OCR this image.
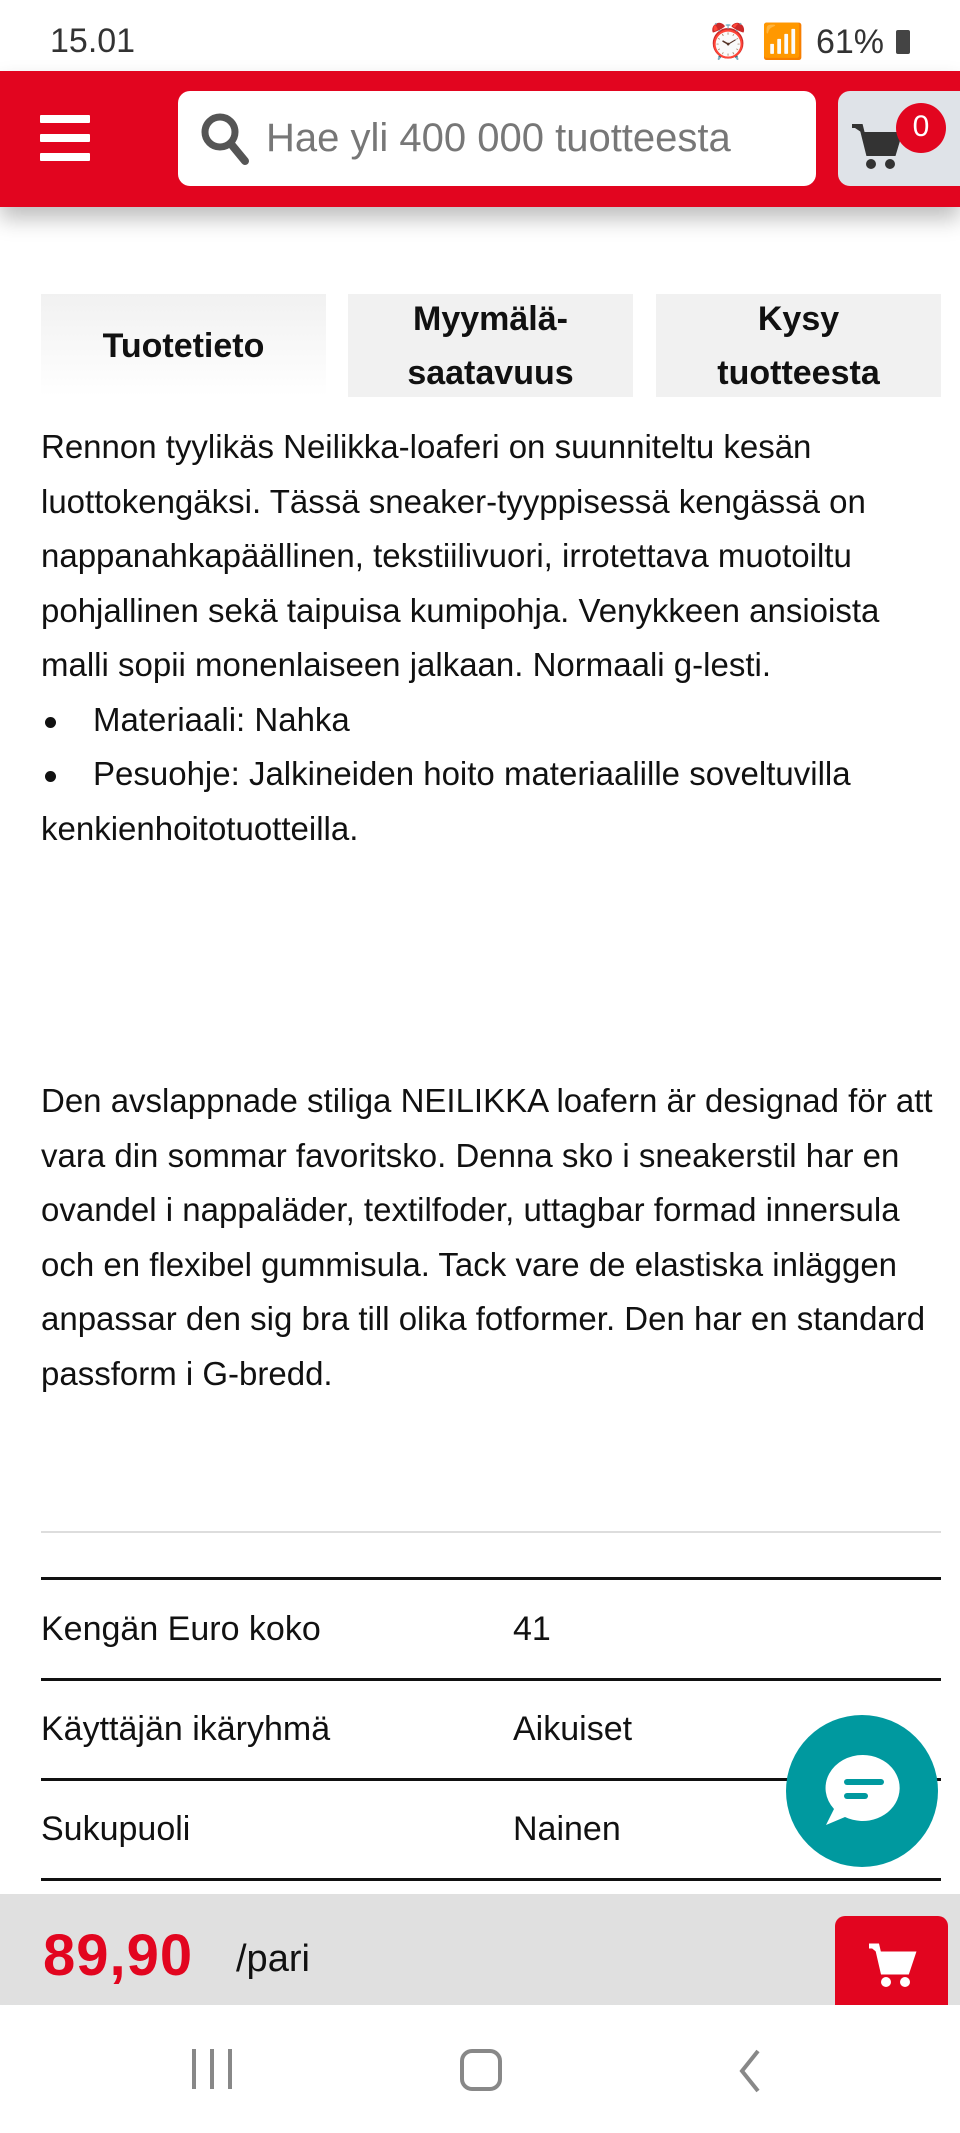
15.01	⏰ 📶 61%
Hae yli 400 000 tuotteesta
0
Tuotetieto
Myymälä-saatavuus
Kysy tuotteesta

Rennon tyylikäs Neilikka-loaferi on suunniteltu kesän luottokengäksi. Tässä sneaker-tyyppisessä kengässä on nappanahkapäällinen, tekstiilivuori, irrotettava muotoiltu pohjallinen sekä taipuisa kumipohja. Venykkeen ansioista malli sopii monenlaiseen jalkaan. Normaali g-lesti.

Materiaali: Nahka
Pesuohje: Jalkineiden hoito materiaalille soveltuvilla kenkienhoitotuotteilla.

Den avslappnade stiliga NEILIKKA loafern är designad för att vara din sommar favoritsko. Denna sko i sneakerstil har en ovandel i nappaläder, textilfoder, uttagbar formad innersula och en flexibel gummisula. Tack vare de elastiska inläggen anpassar den sig bra till olika fotformer. Den har en standard passform i G-bredd.

Kengän Euro koko	41
Käyttäjän ikäryhmä	Aikuiset
Sukupuoli	Nainen
89,90 /pari
